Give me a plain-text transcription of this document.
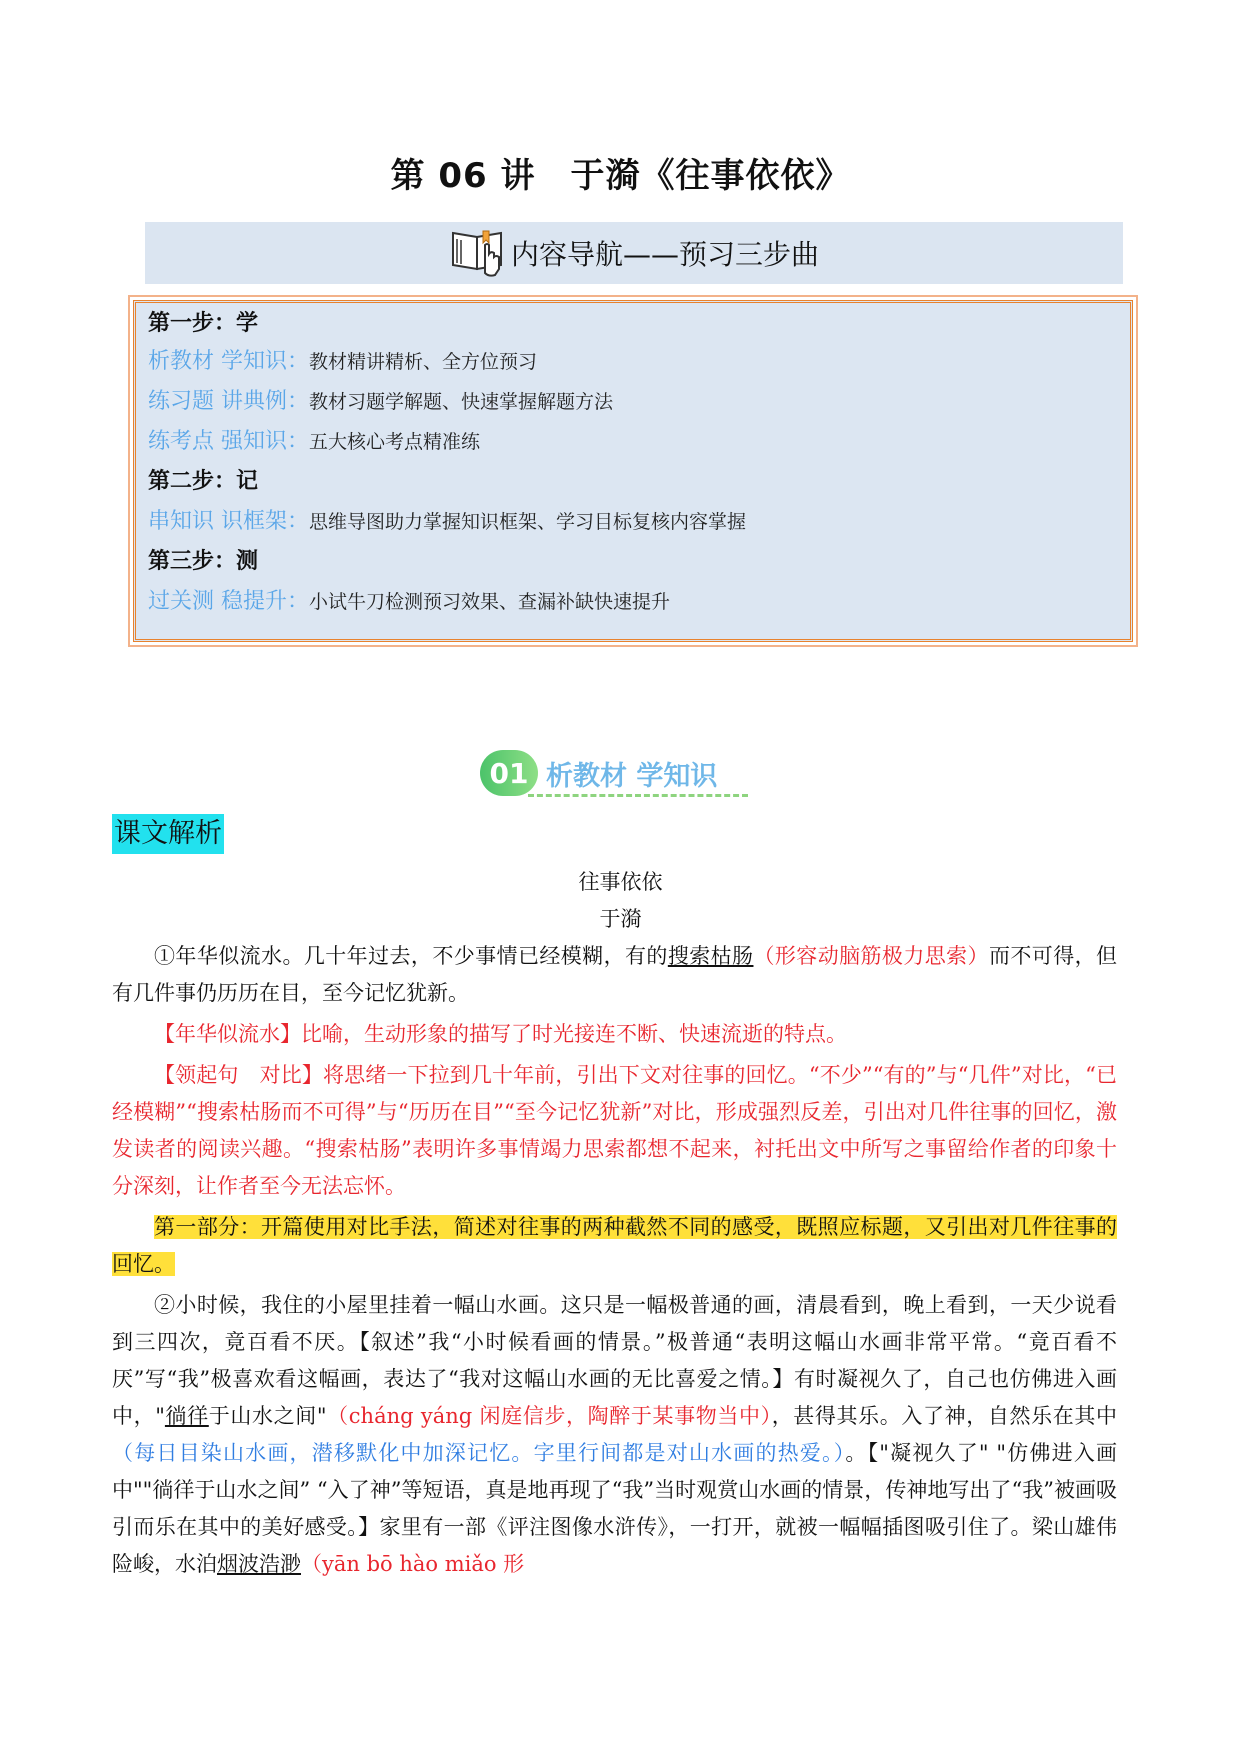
第 06 讲　于漪《往事依依》
内容导航——预习三步曲
第一步：学
析教材 学知识：教材精讲精析、全方位预习
练习题 讲典例：教材习题学解题、快速掌握解题方法
练考点 强知识：五大核心考点精准练
第二步：记
串知识 识框架：思维导图助力掌握知识框架、学习目标复核内容掌握
第三步：测
过关测 稳提升：小试牛刀检测预习效果、查漏补缺快速提升
01 析教材 学知识
课文解析
往事依依
于漪

①年华似流水。几十年过去，不少事情已经模糊，有的搜索枯肠（形容动脑筋极力思索）而不可得，但有几件事仍历历在目，至今记忆犹新。

【年华似流水】比喻，生动形象的描写了时光接连不断、快速流逝的特点。

【领起句　对比】将思绪一下拉到几十年前，引出下文对往事的回忆。“不少”“有的”与“几件”对比，“已经模糊”“搜索枯肠而不可得”与“历历在目”“至今记忆犹新”对比，形成强烈反差，引出对几件往事的回忆，激发读者的阅读兴趣。“搜索枯肠”表明许多事情竭力思索都想不起来，衬托出文中所写之事留给作者的印象十分深刻，让作者至今无法忘怀。

第一部分：开篇使用对比手法，简述对往事的两种截然不同的感受，既照应标题，又引出对几件往事的回忆。

②小时候，我住的小屋里挂着一幅山水画。这只是一幅极普通的画，清晨看到，晚上看到，一天少说看到三四次，竟百看不厌。【叙述”我“小时候看画的情景。”极普通“表明这幅山水画非常平常。“竟百看不厌”写“我”极喜欢看这幅画，表达了“我对这幅山水画的无比喜爱之情。】有时凝视久了，自己也仿佛进入画中，"徜徉于山水之间"（cháng yáng 闲庭信步，陶醉于某事物当中），甚得其乐。入了神，自然乐在其中（每日目染山水画，潜移默化中加深记忆。字里行间都是对山水画的热爱。）。【"凝视久了" "仿佛进入画中""徜徉于山水之间” “入了神”等短语，真是地再现了“我”当时观赏山水画的情景，传神地写出了“我”被画吸引而乐在其中的美好感受。】家里有一部《评注图像水浒传》，一打开，就被一幅幅插图吸引住了。梁山雄伟险峻，水泊烟波浩渺（yān bō hào miǎo 形
